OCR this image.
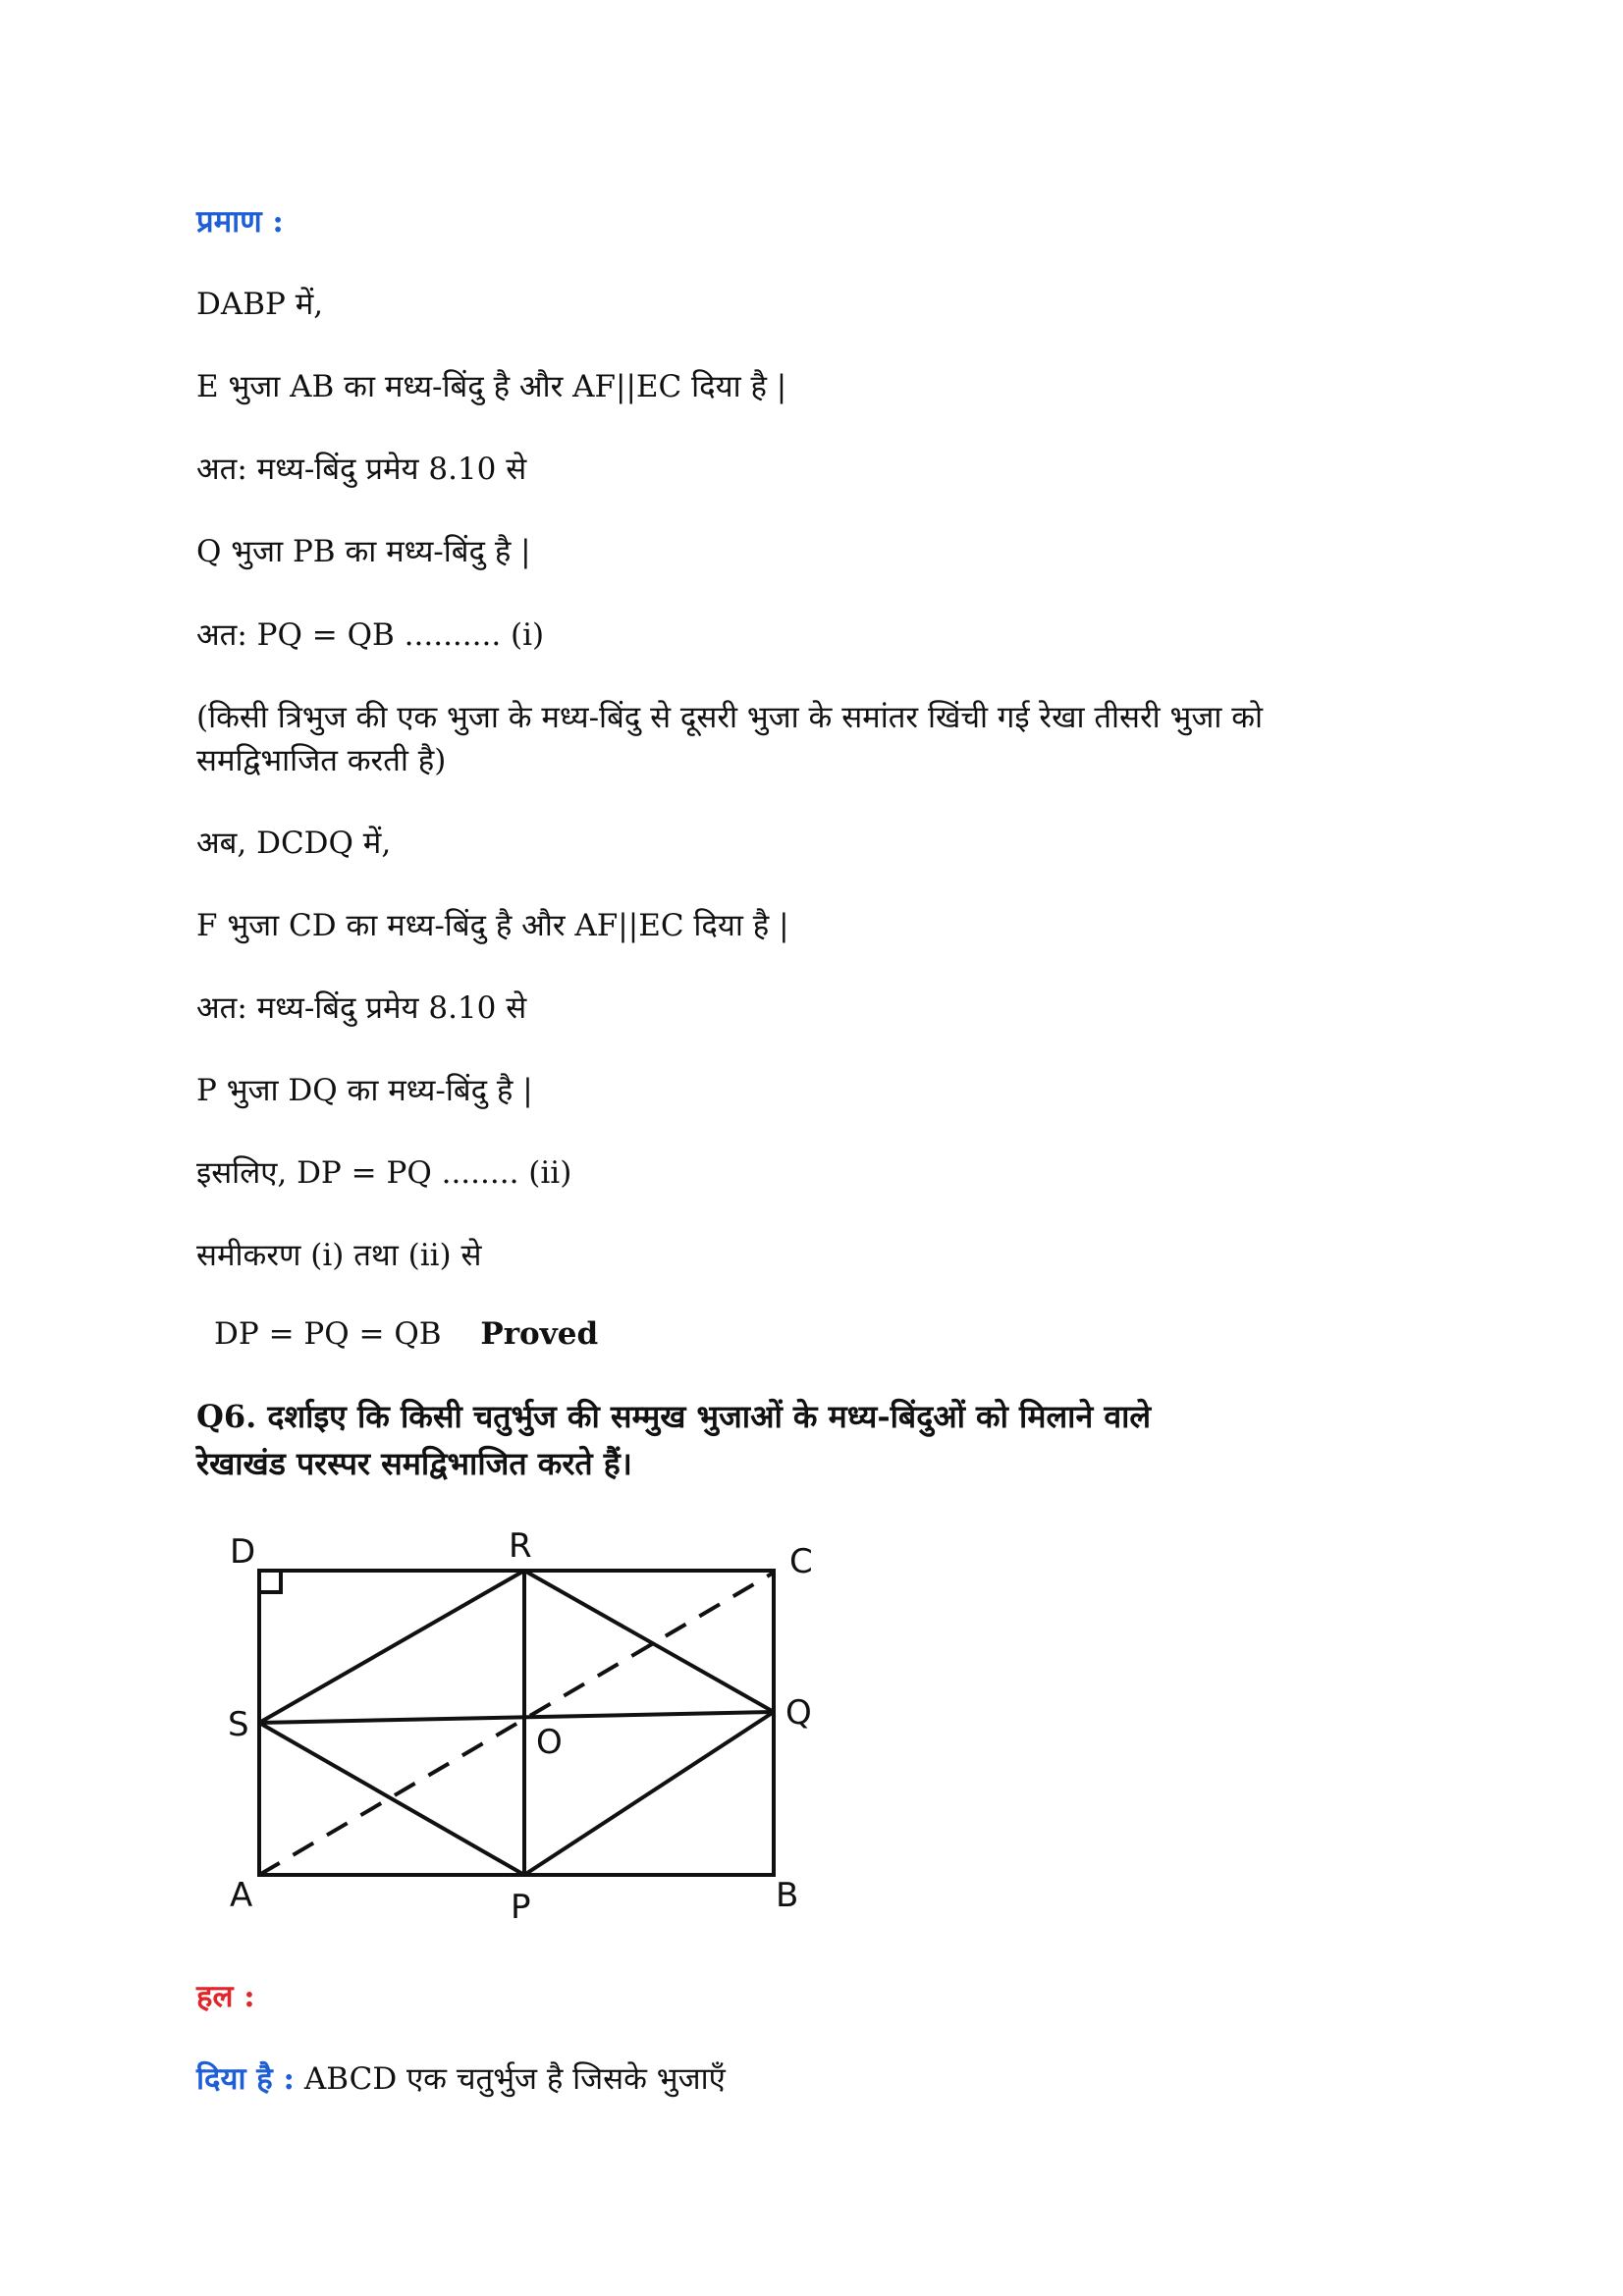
प्रमाण :
DABP में,
E भुजा AB का मध्य-बिंदु है और AF||EC दिया है |
अत: मध्य-बिंदु प्रमेय 8.10 से
Q भुजा PB का मध्य-बिंदु है |
अत: PQ = QB .......... (i)
(किसी त्रिभुज की एक भुजा के मध्य-बिंदु से दूसरी भुजा के समांतर खिंची गई रेखा तीसरी भुजा को
समद्विभाजित करती है)
अब, DCDQ में,
F भुजा CD का मध्य-बिंदु है और AF||EC दिया है |
अत: मध्य-बिंदु प्रमेय 8.10 से
P भुजा DQ का मध्य-बिंदु है |
इसलिए, DP = PQ ........ (ii)
समीकरण (i) तथा (ii) से
DP = PQ = QB Proved
Q6. दर्शाइए कि किसी चतुर्भुज की सम्मुख भुजाओं के मध्य-बिंदुओं को मिलाने वाले
रेखाखंड परस्पर समद्विभाजित करते हैं।
D	R	C
S	O
Q
A	P	B
हल :
दिया है : ABCD एक चतुर्भुज है जिसके भुजाएँ
